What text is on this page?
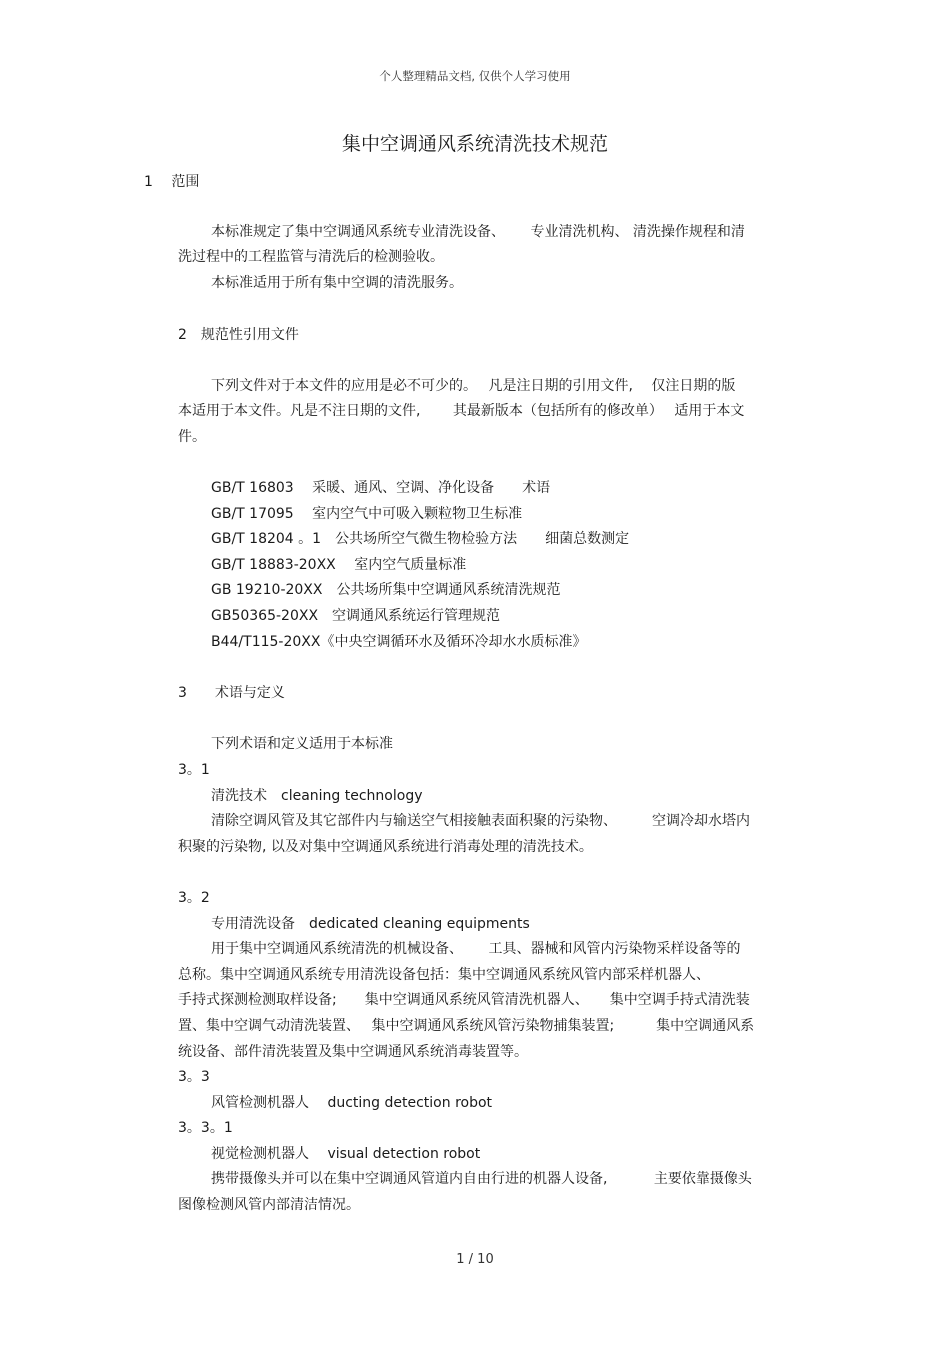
个人整理精品文档, 仅供个人学习使用
集中空调通风系统清洗技术规范
1　 范围
本标准规定了集中空调通风系统专业清洗设备、　　 专业清洗机构、 清洗操作规程和清
洗过程中的工程监管与清洗后的检测验收。
本标准适用于所有集中空调的清洗服务。
2　规范性引用文件
下列文件对于本文件的应用是必不可少的。　 凡是注日期的引用文件,　 仅注日期的版
本适用于本文件。凡是不注日期的文件,　　 其最新版本（包括所有的修改单）　 适用于本文
件。
GB/T 16803　 采暖、通风、空调、净化设备　　术语
GB/T 17095　 室内空气中可吸入颗粒物卫生标准
GB/T 18204 。1　公共场所空气微生物检验方法　　细菌总数测定
GB/T 18883-20XX　 室内空气质量标准
GB 19210-20XX　公共场所集中空调通风系统清洗规范
GB50365-20XX　空调通风系统运行管理规范
B44/T115-20XX《中央空调循环水及循环冷却水水质标准》
3　　术语与定义
下列术语和定义适用于本标准
3。1
清洗技术　cleaning technology
清除空调风管及其它部件内与输送空气相接触表面积聚的污染物、　　　空调冷却水塔内
积聚的污染物, 以及对集中空调通风系统进行消毒处理的清洗技术。
3。2
专用清洗设备　dedicated cleaning equipments
用于集中空调通风系统清洗的机械设备、　　 工具、器械和风管内污染物采样设备等的
总称。集中空调通风系统专用清洗设备包括：集中空调通风系统风管内部采样机器人、
手持式探测检测取样设备;　　集中空调通风系统风管清洗机器人、　　集中空调手持式清洗装
置、集中空调气动清洗装置、　 集中空调通风系统风管污染物捕集装置;　　　集中空调通风系
统设备、部件清洗装置及集中空调通风系统消毒装置等。
3。3
风管检测机器人　 ducting detection robot
3。3。1
视觉检测机器人　 visual detection robot
携带摄像头并可以在集中空调通风管道内自由行进的机器人设备,　　　 主要依靠摄像头
图像检测风管内部清洁情况。
1 / 10
